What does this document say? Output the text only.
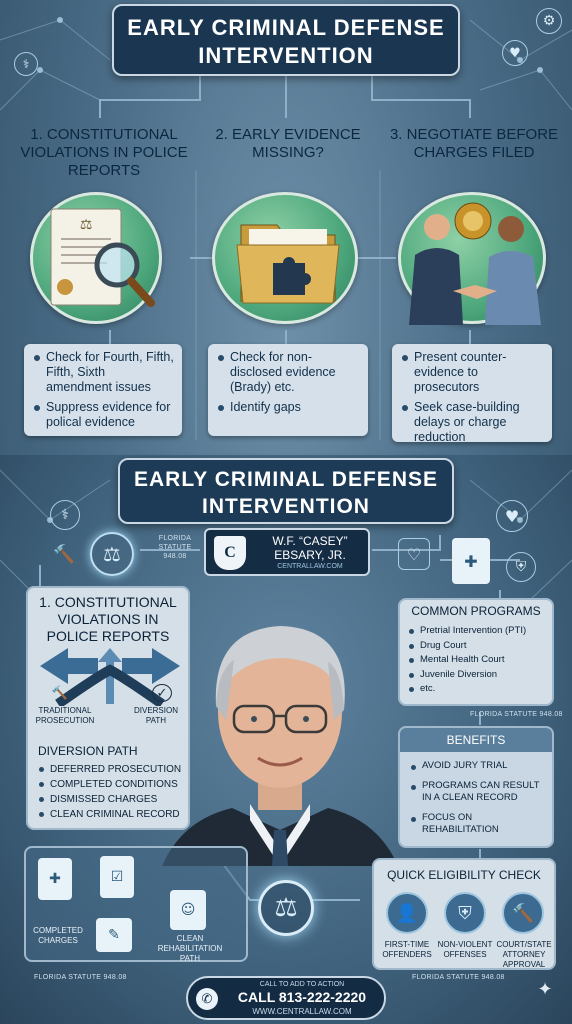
⚙
♥
⚕
EARLY CRIMINAL DEFENSE INTERVENTION
1. CONSTITUTIONAL VIOLATIONS IN POLICE REPORTS
2. EARLY EVIDENCE MISSING?
3. NEGOTIATE BEFORE CHARGES FILED
⚖
Check for Fourth, Fifth, Fifth, Sixth amendment issues
Suppress evidence for polical evidence
Check for non-disclosed evidence (Brady) etc.
Identify gaps
Present counter-evidence to prosecutors
Seek case-building delays or charge reduction
EARLY CRIMINAL DEFENSE INTERVENTION
⚖
🔨
FLORIDA STATUTE 948.08
♥
⚕
♡	✚	⛨
C
W.F. “CASEY” EBSARY, JR.
CENTRALLAW.COM
1. CONSTITUTIONAL VIOLATIONS IN POLICE REPORTS
🔨	✓
TRADITIONAL PROSECUTION
DIVERSION PATH
DIVERSION PATH
DEFERRED PROSECUTION
COMPLETED CONDITIONS
DISMISSED CHARGES
CLEAN CRIMINAL RECORD
COMMON PROGRAMS
Pretrial Intervention (PTI)
Drug Court
Mental Health Court
Juvenile Diversion
etc.
FLORIDA STATUTE 948.08
BENEFITS
AVOID JURY TRIAL
PROGRAMS CAN RESULT IN A CLEAN RECORD
FOCUS ON REHABILITATION
✚	☑
✎
☺
COMPLETED CHARGES	CLEAN REHABILITATION PATH
⚖
QUICK ELIGIBILITY CHECK
👤	⛨	🔨
FIRST-TIME OFFENDERS
NON-VIOLENT OFFENSES
COURT/STATE ATTORNEY APPROVAL
FLORIDA STATUTE 948.08	FLORIDA STATUTE 948.08
✆
CALL TO ADD TO ACTION
CALL 813-222-2220
WWW.CENTRALLAW.COM
✦
